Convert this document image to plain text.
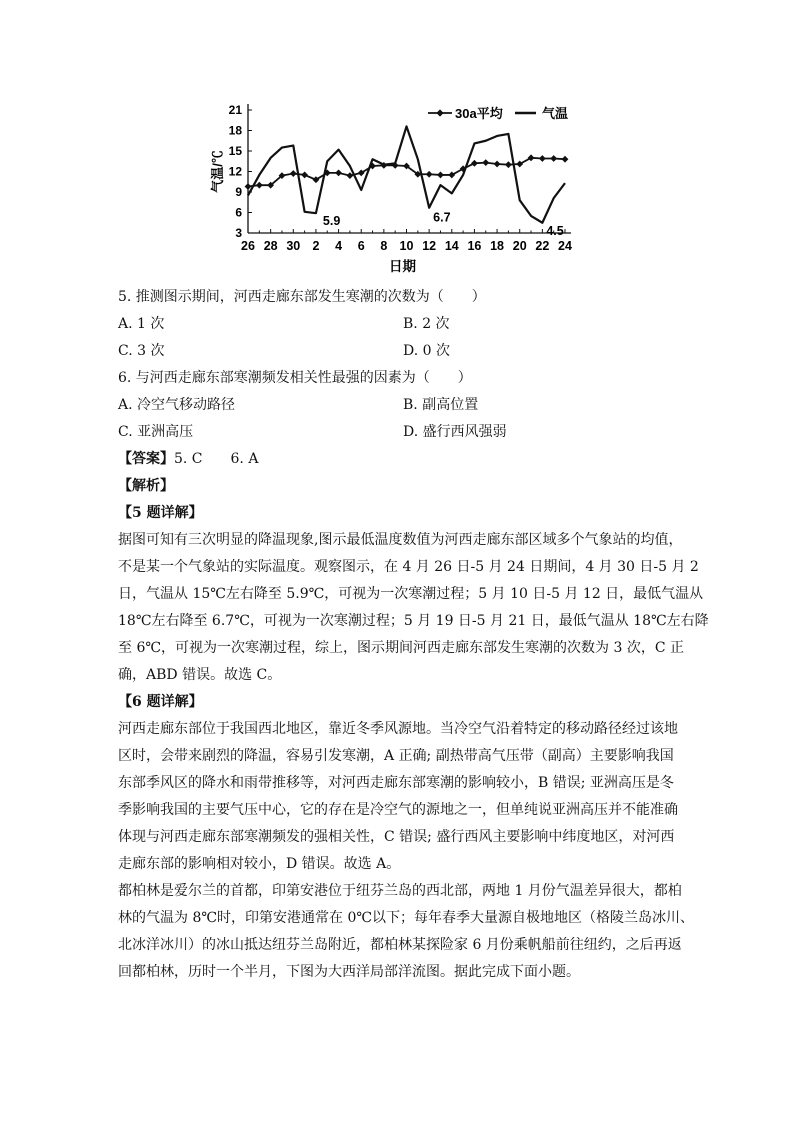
3
6
9
12
15
18
21
26 28 30 2 4 6 8 10 12 14 16 18 20 22 24
5.9	6.7
4.5
30a平均	气温
气温/℃
日期
5. 推测图示期间，河西走廊东部发生寒潮的次数为（　　）
A. 1 次	B. 2 次
C. 3 次	D. 0 次
6. 与河西走廊东部寒潮频发相关性最强的因素为（　　）
A. 冷空气移动路径	B. 副高位置
C. 亚洲高压	D. 盛行西风强弱
【答案】5. C　　6. A
【解析】
【5 题详解】
据图可知有三次明显的降温现象,图示最低温度数值为河西走廊东部区域多个气象站的均值，
不是某一个气象站的实际温度。观察图示，在 4 月 26 日-5 月 24 日期间，4 月 30 日-5 月 2
日，气温从 15℃左右降至 5.9℃，可视为一次寒潮过程；5 月 10 日-5 月 12 日，最低气温从
18℃左右降至 6.7℃，可视为一次寒潮过程；5 月 19 日-5 月 21 日，最低气温从 18℃左右降
至 6℃，可视为一次寒潮过程，综上，图示期间河西走廊东部发生寒潮的次数为 3 次，C 正
确，ABD 错误。故选 C。
【6 题详解】
河西走廊东部位于我国西北地区，靠近冬季风源地。当冷空气沿着特定的移动路径经过该地
区时，会带来剧烈的降温，容易引发寒潮，A 正确; 副热带高气压带（副高）主要影响我国
东部季风区的降水和雨带推移等，对河西走廊东部寒潮的影响较小，B 错误; 亚洲高压是冬
季影响我国的主要气压中心，它的存在是冷空气的源地之一，但单纯说亚洲高压并不能准确
体现与河西走廊东部寒潮频发的强相关性，C 错误; 盛行西风主要影响中纬度地区，对河西
走廊东部的影响相对较小，D 错误。故选 A。
都柏林是爱尔兰的首都，印第安港位于纽芬兰岛的西北部，两地 1 月份气温差异很大，都柏
林的气温为 8℃时，印第安港通常在 0℃以下；每年春季大量源自极地地区（格陵兰岛冰川、
北冰洋冰川）的冰山抵达纽芬兰岛附近，都柏林某探险家 6 月份乘帆船前往纽约，之后再返
回都柏林，历时一个半月，下图为大西洋局部洋流图。据此完成下面小题。
